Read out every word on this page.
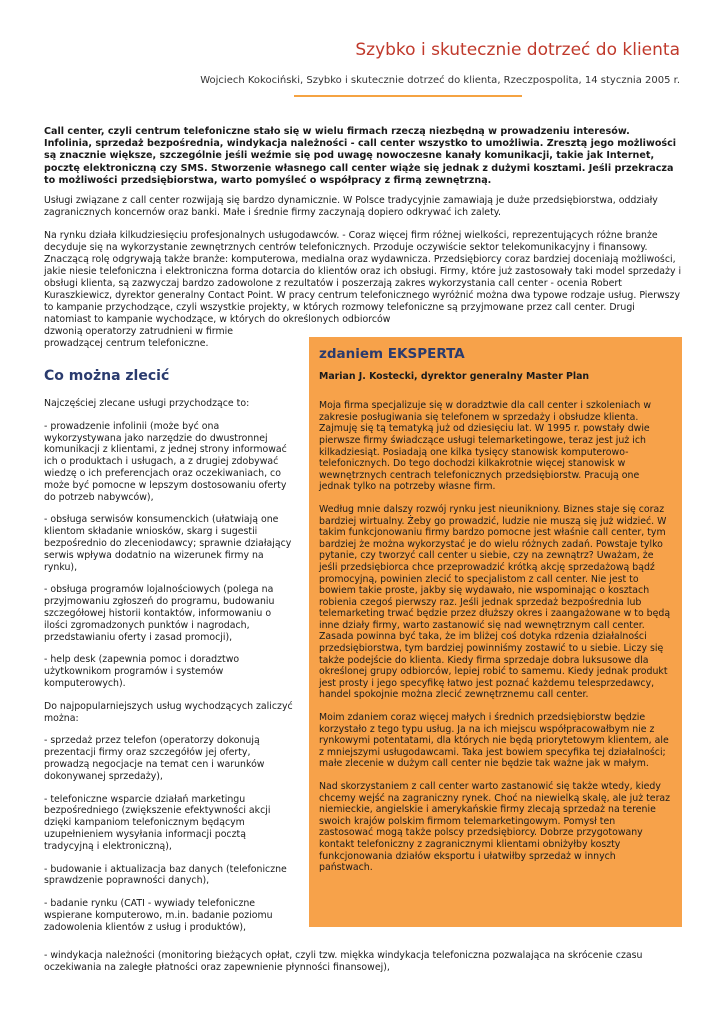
Szybko i skutecznie dotrzeć do klienta
Wojciech Kokociński, Szybko i skutecznie dotrzeć do klienta, Rzeczpospolita, 14 stycznia 2005 r.

Call center, czyli centrum telefoniczne stało się w wielu firmach rzeczą niezbędną w prowadzeniu interesów. Infolinia, sprzedaż bezpośrednia, windykacja należności - call center wszystko to umożliwia. Zresztą jego możliwości są znacznie większe, szczególnie jeśli weźmie się pod uwagę nowoczesne kanały komunikacji, takie jak Internet, pocztę elektroniczną czy SMS. Stworzenie własnego call center wiąże się jednak z dużymi kosztami. Jeśli przekracza to możliwości przedsiębiorstwa, warto pomyśleć o współpracy z firmą zewnętrzną.

Usługi związane z call center rozwijają się bardzo dynamicznie. W Polsce tradycyjnie zamawiają je duże przedsiębiorstwa, oddziały zagranicznych koncernów oraz banki. Małe i średnie firmy zaczynają dopiero odkrywać ich zalety.

Na rynku działa kilkudziesięciu profesjonalnych usługodawców. - Coraz więcej firm różnej wielkości, reprezentujących różne branże decyduje się na wykorzystanie zewnętrznych centrów telefonicznych. Przoduje oczywiście sektor telekomunikacyjny i finansowy. Znaczącą rolę odgrywają także branże: komputerowa, medialna oraz wydawnicza. Przedsiębiorcy coraz bardziej doceniają możliwości, jakie niesie telefoniczna i elektroniczna forma dotarcia do klientów oraz ich obsługi. Firmy, które już zastosowały taki model sprzedaży i obsługi klienta, są zazwyczaj bardzo zadowolone z rezultatów i poszerzają zakres wykorzystania call center - ocenia Robert Kuraszkiewicz, dyrektor generalny Contact Point. W pracy centrum telefonicznego wyróżnić można dwa typowe rodzaje usług. Pierwszy to kampanie przychodzące, czyli wszystkie projekty, w których rozmowy telefoniczne są przyjmowane przez call center. Drugi natomiast to kampanie wychodzące, w których do określonych odbiorców

dzwonią operatorzy zatrudnieni w firmie prowadzącej centrum telefoniczne.

Co można zlecić

Najczęściej zlecane usługi przychodzące to:

- prowadzenie infolinii (może być ona wykorzystywana jako narzędzie do dwustronnej komunikacji z klientami, z jednej strony informować ich o produktach i usługach, a z drugiej zdobywać wiedzę o ich preferencjach oraz oczekiwaniach, co może być pomocne w lepszym dostosowaniu oferty do potrzeb nabywców),

- obsługa serwisów konsumenckich (ułatwiają one klientom składanie wniosków, skarg i sugestii bezpośrednio do zleceniodawcy; sprawnie działający serwis wpływa dodatnio na wizerunek firmy na rynku),

- obsługa programów lojalnościowych (polega na przyjmowaniu zgłoszeń do programu, budowaniu szczegółowej historii kontaktów, informowaniu o ilości zgromadzonych punktów i nagrodach, przedstawianiu oferty i zasad promocji),

- help desk (zapewnia pomoc i doradztwo użytkownikom programów i systemów komputerowych).

Do najpopularniejszych usług wychodzących zaliczyć można:

- sprzedaż przez telefon (operatorzy dokonują prezentacji firmy oraz szczegółów jej oferty, prowadzą negocjacje na temat cen i warunków dokonywanej sprzedaży),

- telefoniczne wsparcie działań marketingu bezpośredniego (zwiększenie efektywności akcji dzięki kampaniom telefonicznym będącym uzupełnieniem wysyłania informacji pocztą tradycyjną i elektroniczną),

- budowanie i aktualizacja baz danych (telefoniczne sprawdzenie poprawności danych),

- badanie rynku (CATI - wywiady telefoniczne wspierane komputerowo, m.in. badanie poziomu zadowolenia klientów z usług i produktów),

zdaniem EKSPERTA

Marian J. Kostecki, dyrektor generalny Master Plan

Moja firma specjalizuje się w doradztwie dla call center i szkoleniach w zakresie posługiwania się telefonem w sprzedaży i obsłudze klienta. Zajmuję się tą tematyką już od dziesięciu lat. W 1995 r. powstały dwie pierwsze firmy świadczące usługi telemarketingowe, teraz jest już ich kilkadziesiąt. Posiadają one kilka tysięcy stanowisk komputerowo-telefonicznych. Do tego dochodzi kilkakrotnie więcej stanowisk w wewnętrznych centrach telefonicznych przedsiębiorstw. Pracują one jednak tylko na potrzeby własne firm.

Według mnie dalszy rozwój rynku jest nieunikniony. Biznes staje się coraz bardziej wirtualny. Żeby go prowadzić, ludzie nie muszą się już widzieć. W takim funkcjonowaniu firmy bardzo pomocne jest właśnie call center, tym bardziej że można wykorzystać je do wielu różnych zadań. Powstaje tylko pytanie, czy tworzyć call center u siebie, czy na zewnątrz? Uważam, że jeśli przedsiębiorca chce przeprowadzić krótką akcję sprzedażową bądź promocyjną, powinien zlecić to specjalistom z call center. Nie jest to bowiem takie proste, jakby się wydawało, nie wspominając o kosztach robienia czegoś pierwszy raz. Jeśli jednak sprzedaż bezpośrednia lub telemarketing trwać będzie przez dłuższy okres i zaangażowane w to będą inne działy firmy, warto zastanowić się nad wewnętrznym call center. Zasada powinna być taka, że im bliżej coś dotyka rdzenia działalności przedsiębiorstwa, tym bardziej powinniśmy zostawić to u siebie. Liczy się także podejście do klienta. Kiedy firma sprzedaje dobra luksusowe dla określonej grupy odbiorców, lepiej robić to samemu. Kiedy jednak produkt jest prosty i jego specyfikę łatwo jest poznać każdemu telesprzedawcy, handel spokojnie można zlecić zewnętrznemu call center.

Moim zdaniem coraz więcej małych i średnich przedsiębiorstw będzie korzystało z tego typu usług. Ja na ich miejscu współpracowałbym nie z rynkowymi potentatami, dla których nie będą priorytetowym klientem, ale z mniejszymi usługodawcami. Taka jest bowiem specyfika tej działalności; małe zlecenie w dużym call center nie będzie tak ważne jak w małym.

Nad skorzystaniem z call center warto zastanowić się także wtedy, kiedy chcemy wejść na zagraniczny rynek. Choć na niewielką skalę, ale już teraz niemieckie, angielskie i amerykańskie firmy zlecają sprzedaż na terenie swoich krajów polskim firmom telemarketingowym. Pomysł ten zastosować mogą także polscy przedsiębiorcy. Dobrze przygotowany kontakt telefoniczny z zagranicznymi klientami obniżyłby koszty funkcjonowania działów eksportu i ułatwiłby sprzedaż w innych państwach.

- windykacja należności (monitoring bieżących opłat, czyli tzw. miękka windykacja telefoniczna pozwalająca na skrócenie czasu oczekiwania na zaległe płatności oraz zapewnienie płynności finansowej),
